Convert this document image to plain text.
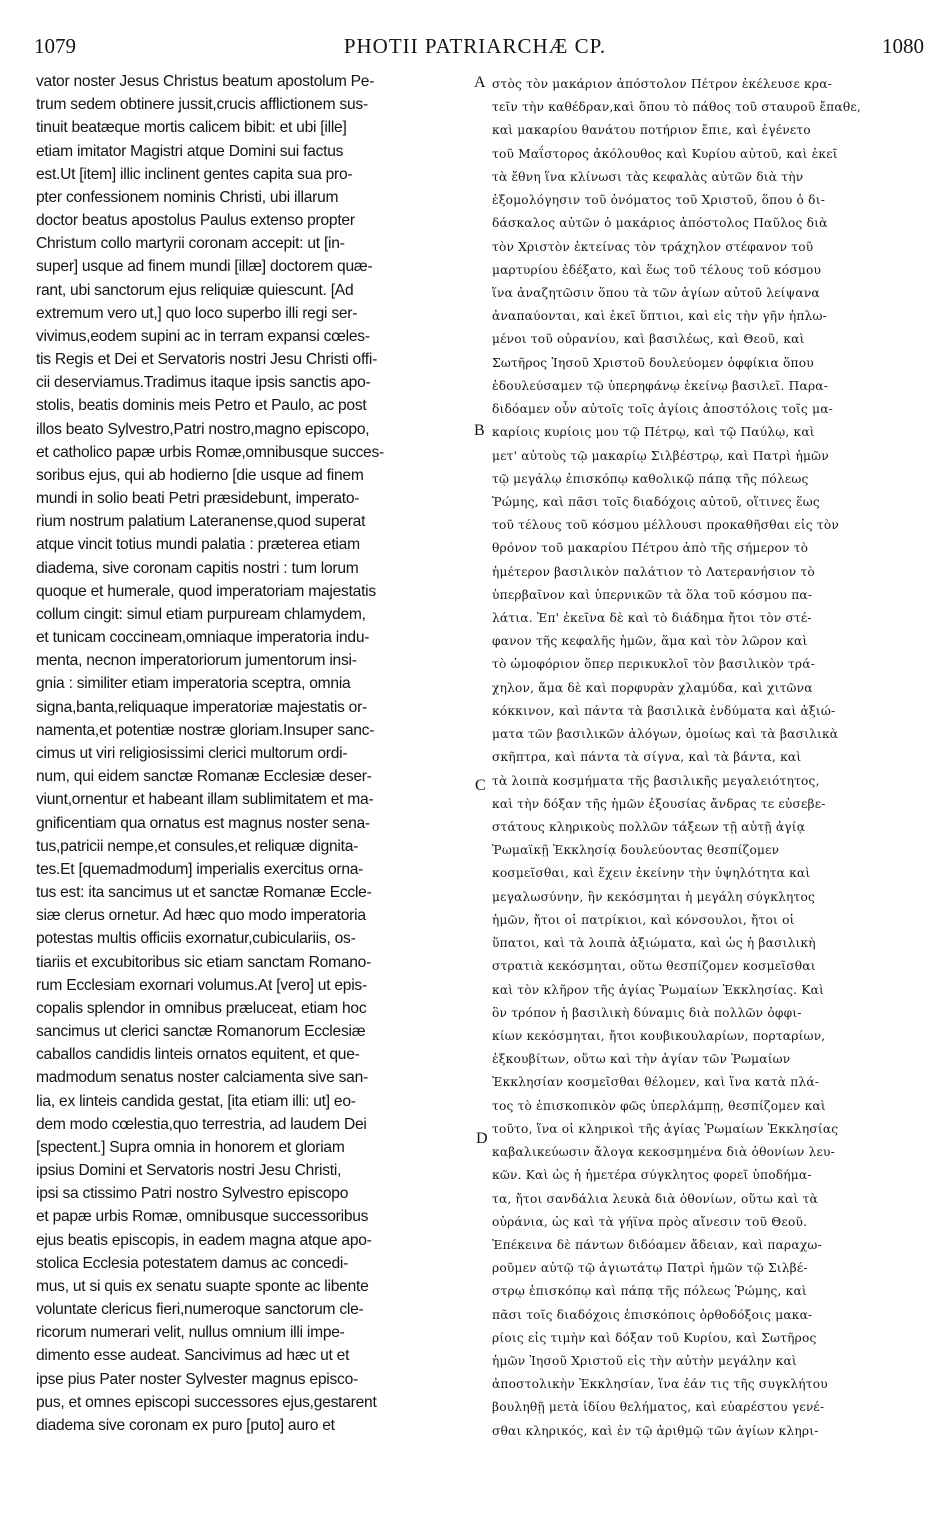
1079	PHOTII PATRIARCHÆ CP.	1080
vator noster Jesus Christus beatum apostolum Pe-
trum sedem obtinere jussit,crucis afflictionem sus-
tinuit beatæque mortis calicem bibit: et ubi [ille]
etiam imitator Magistri atque Domini sui factus
est.Ut [item] illic inclinent gentes capita sua pro-
pter confessionem nominis Christi, ubi illarum
doctor beatus apostolus Paulus extenso propter
Christum collo martyrii coronam accepit: ut [in-
super] usque ad finem mundi [illæ] doctorem quæ-
rant, ubi sanctorum ejus reliquiæ quiescunt. [Ad
extremum vero ut,] quo loco superbo illi regi ser-
vivimus,eodem supini ac in terram expansi cœles-
tis Regis et Dei et Servatoris nostri Jesu Christi offi-
cii deserviamus.Tradimus itaque ipsis sanctis apo-
stolis, beatis dominis meis Petro et Paulo, ac post
illos beato Sylvestro,Patri nostro,magno episcopo,
et catholico papæ urbis Romæ,omnibusque succes-
soribus ejus, qui ab hodierno [die usque ad finem
mundi in solio beati Petri præsidebunt, imperato-
rium nostrum palatium Lateranense,quod superat
atque vincit totius mundi palatia : præterea etiam
diadema, sive coronam capitis nostri : tum lorum
quoque et humerale, quod imperatoriam majestatis
collum cingit: simul etiam purpuream chlamydem,
et tunicam coccineam,omniaque imperatoria indu-
menta, necnon imperatoriorum jumentorum insi-
gnia : similiter etiam imperatoria sceptra, omnia
signa,banta,reliquaque imperatoriæ majestatis or-
namenta,et potentiæ nostræ gloriam.Insuper sanc-
cimus ut viri religiosissimi clerici multorum ordi-
num, qui eidem sanctæ Romanæ Ecclesiæ deser-
viunt,ornentur et habeant illam sublimitatem et ma-
gnificentiam qua ornatus est magnus noster sena-
tus,patricii nempe,et consules,et reliquæ dignita-
tes.Et [quemadmodum] imperialis exercitus orna-
tus est: ita sancimus ut et sanctæ Romanæ Eccle-
siæ clerus ornetur. Ad hæc quo modo imperatoria
potestas multis officiis exornatur,cubiculariis, os-
tiariis et excubitoribus sic etiam sanctam Romano-
rum Ecclesiam exornari volumus.At [vero] ut epis-
copalis splendor in omnibus præluceat, etiam hoc
sancimus ut clerici sanctæ Romanorum Ecclesiæ
caballos candidis linteis ornatos equitent, et que-
madmodum senatus noster calciamenta sive san-
lia, ex linteis candida gestat, [ita etiam illi: ut] eo-
dem modo cœlestia,quo terrestria, ad laudem Dei
[spectent.] Supra omnia in honorem et gloriam
ipsius Domini et Servatoris nostri Jesu Christi,
ipsi sa ctissimo Patri nostro Sylvestro episcopo
et papæ urbis Romæ, omnibusque successoribus
ejus beatis episcopis, in eadem magna atque apo-
stolica Ecclesia potestatem damus ac concedi-
mus, ut si quis ex senatu suapte sponte ac libente
voluntate clericus fieri,numeroque sanctorum cle-
ricorum numerari velit, nullus omnium illi impe-
dimento esse audeat. Sancivimus ad hæc ut et
ipse pius Pater noster Sylvester magnus episco-
pus, et omnes episcopi successores ejus,gestarent
diadema sive coronam ex puro [puto] auro et
στὸς τὸν μακάριον ἀπόστολον Πέτρον ἐκέλευσε κρα-
τεῖν τὴν καθέδραν,καὶ ὅπου τὸ πάθος τοῦ σταυροῦ ἔπαθε,
καὶ μακαρίου θανάτου ποτήριον ἔπιε, καὶ ἐγένετο
τοῦ Μαΐστορος ἀκόλουθος καὶ Κυρίου αὐτοῦ, καὶ ἐκεῖ
τὰ ἔθνη ἵνα κλίνωσι τὰς κεφαλὰς αὐτῶν διὰ τὴν
ἐξομολόγησιν τοῦ ὀνόματος τοῦ Χριστοῦ, ὅπου ὁ δι-
δάσκαλος αὐτῶν ὁ μακάριος ἀπόστολος Παῦλος διὰ
τὸν Χριστὸν ἐκτείνας τὸν τράχηλον στέφανον τοῦ
μαρτυρίου ἐδέξατο, καὶ ἕως τοῦ τέλους τοῦ κόσμου
ἵνα ἀναζητῶσιν ὅπου τὰ τῶν ἁγίων αὐτοῦ λείψανα
ἀναπαύονται, καὶ ἐκεῖ ὕπτιοι, καὶ εἰς τὴν γῆν ἡπλω-
μένοι τοῦ οὐρανίου, καὶ βασιλέως, καὶ Θεοῦ, καὶ
Σωτῆρος Ἰησοῦ Χριστοῦ δουλεύομεν ὀφφίκια ὅπου
ἐδουλεύσαμεν τῷ ὑπερηφάνῳ ἐκείνῳ βασιλεῖ. Παρα-
διδόαμεν οὖν αὐτοῖς τοῖς ἁγίοις ἀποστόλοις τοῖς μα-
καρίοις κυρίοις μου τῷ Πέτρῳ, καὶ τῷ Παύλῳ, καὶ
μετ' αὐτοὺς τῷ μακαρίῳ Σιλβέστρῳ, καὶ Πατρὶ ἡμῶν
τῷ μεγάλῳ ἐπισκόπῳ καθολικῷ πάπᾳ τῆς πόλεως
Ῥώμης, καὶ πᾶσι τοῖς διαδόχοις αὐτοῦ, οἵτινες ἕως
τοῦ τέλους τοῦ κόσμου μέλλουσι προκαθῆσθαι εἰς τὸν
θρόνον τοῦ μακαρίου Πέτρου ἀπὸ τῆς σήμερον τὸ
ἡμέτερον βασιλικὸν παλάτιον τὸ Λατερανήσιον τὸ
ὑπερβαῖνον καὶ ὑπερνικῶν τὰ ὅλα τοῦ κόσμου πα-
λάτια. Ἐπ' ἐκεῖνα δὲ καὶ τὸ διάδημα ἤτοι τὸν στέ-
φανον τῆς κεφαλῆς ἡμῶν, ἅμα καὶ τὸν λῶρον καὶ
τὸ ὠμοφόριον ὅπερ περικυκλοῖ τὸν βασιλικὸν τρά-
χηλον, ἅμα δὲ καὶ πορφυρὰν χλαμύδα, καὶ χιτῶνα
κόκκινον, καὶ πάντα τὰ βασιλικὰ ἐνδύματα καὶ ἀξιώ-
ματα τῶν βασιλικῶν ἀλόγων, ὁμοίως καὶ τὰ βασιλικὰ
σκῆπτρα, καὶ πάντα τὰ σίγνα, καὶ τὰ βάντα, καὶ
τὰ λοιπὰ κοσμήματα τῆς βασιλικῆς μεγαλειότητος,
καὶ τὴν δόξαν τῆς ἡμῶν ἐξουσίας ἄνδρας τε εὐσεβε-
στάτους κληρικοὺς πολλῶν τάξεων τῇ αὐτῇ ἁγίᾳ
Ῥωμαϊκῇ Ἐκκλησίᾳ δουλεύοντας θεσπίζομεν
κοσμεῖσθαι, καὶ ἔχειν ἐκείνην τὴν ὑψηλότητα καὶ
μεγαλωσύνην, ἣν κεκόσμηται ἡ μεγάλη σύγκλητος
ἡμῶν, ἤτοι οἱ πατρίκιοι, καὶ κόνσουλοι, ἤτοι οἱ
ὕπατοι, καὶ τὰ λοιπὰ ἀξιώματα, καὶ ὡς ἡ βασιλικὴ
στρατιὰ κεκόσμηται, οὕτω θεσπίζομεν κοσμεῖσθαι
καὶ τὸν κλῆρον τῆς ἁγίας Ῥωμαίων Ἐκκλησίας. Καὶ
ὃν τρόπον ἡ βασιλικὴ δύναμις διὰ πολλῶν ὀφφι-
κίων κεκόσμηται, ἤτοι κουβικουλαρίων, πορταρίων,
ἐξκουβίτων, οὕτω καὶ τὴν ἁγίαν τῶν Ῥωμαίων
Ἐκκλησίαν κοσμεῖσθαι θέλομεν, καὶ ἵνα κατὰ πλά-
τος τὸ ἐπισκοπικὸν φῶς ὑπερλάμπῃ, θεσπίζομεν καὶ
τοῦτο, ἵνα οἱ κληρικοὶ τῆς ἁγίας Ῥωμαίων Ἐκκλησίας
καβαλικεύωσιν ἄλογα κεκοσμημένα διὰ ὀθονίων λευ-
κῶν. Καὶ ὡς ἡ ἡμετέρα σύγκλητος φορεῖ ὑποδήμα-
τα, ἤτοι σανδάλια λευκὰ διὰ ὀθονίων, οὕτω καὶ τὰ
οὐράνια, ὡς καὶ τὰ γήϊνα πρὸς αἴνεσιν τοῦ Θεοῦ.
Ἐπέκεινα δὲ πάντων διδόαμεν ἄδειαν, καὶ παραχω-
ροῦμεν αὐτῷ τῷ ἁγιωτάτῳ Πατρὶ ἡμῶν τῷ Σιλβέ-
στρῳ ἐπισκόπῳ καὶ πάπᾳ τῆς πόλεως Ῥώμης, καὶ
πᾶσι τοῖς διαδόχοις ἐπισκόποις ὀρθοδόξοις μακα-
ρίοις εἰς τιμὴν καὶ δόξαν τοῦ Κυρίου, καὶ Σωτῆρος
ἡμῶν Ἰησοῦ Χριστοῦ εἰς τὴν αὐτὴν μεγάλην καὶ
ἀποστολικὴν Ἐκκλησίαν, ἵνα ἐάν τις τῆς συγκλήτου
βουληθῇ μετὰ ἰδίου θελήματος, καὶ εὐαρέστου γενέ-
σθαι κληρικός, καὶ ἐν τῷ ἀριθμῷ τῶν ἁγίων κληρι-
A
B
C
D
